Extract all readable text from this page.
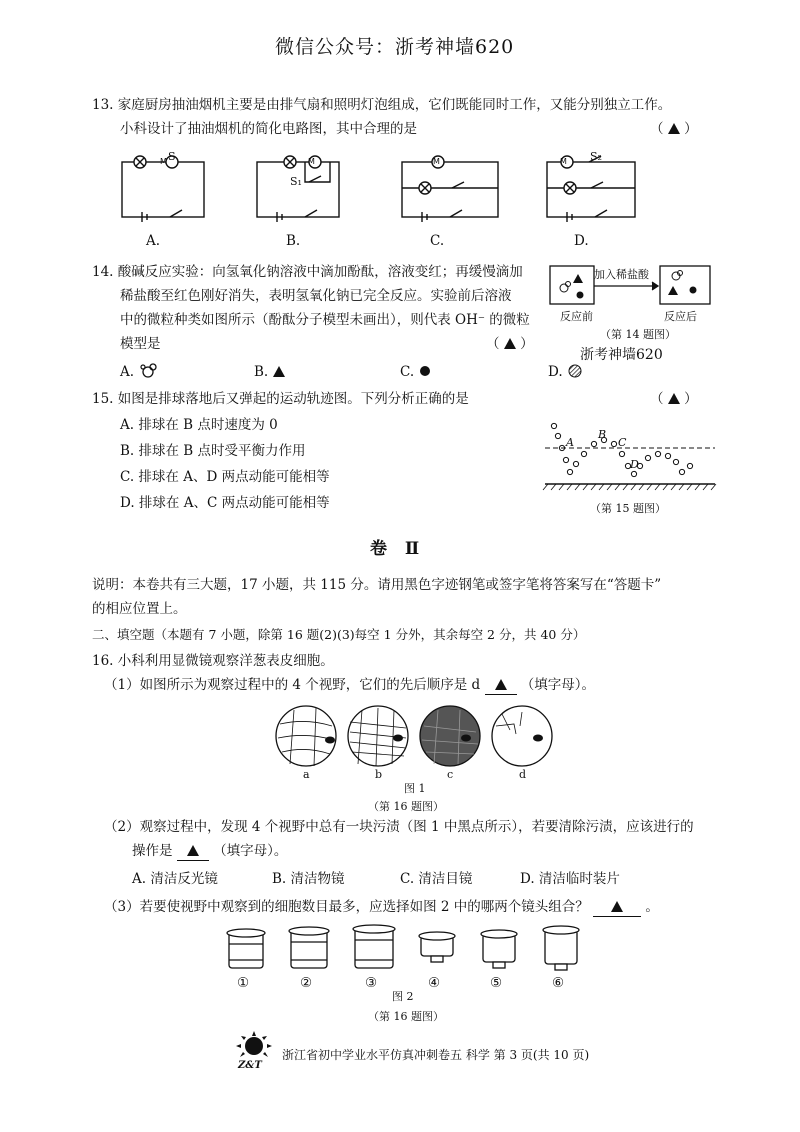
微信公众号：浙考神墙620
13. 家庭厨房抽油烟机主要是由排气扇和照明灯泡组成，它们既能同时工作，又能分别独立工作。
小科设计了抽油烟机的简化电路图，其中合理的是	（ ）
M	M	M	M
S
S₁
S₂
A.	B.	C.	D.
14. 酸碱反应实验：向氢氧化钠溶液中滴加酚酞，溶液变红；再缓慢滴加
稀盐酸至红色刚好消失，表明氢氧化钠已完全反应。实验前后溶液
中的微粒种类如图所示（酚酞分子模型未画出），则代表 OH⁻ 的微粒
模型是	（ ）
加入稀盐酸
反应前	反应后
（第 14 题图）
浙考神墙620
A.	B.	C.	D.
15. 如图是排球落地后又弹起的运动轨迹图。下列分析正确的是	（ ）
A. 排球在 B 点时速度为 0
B. 排球在 B 点时受平衡力作用
C. 排球在 A、D 两点动能可能相等
D. 排球在 A、C 两点动能可能相等
A
B
C
D
（第 15 题图）
卷 Ⅱ
说明：本卷共有三大题，17 小题，共 115 分。请用黑色字迹钢笔或签字笔将答案写在“答题卡”
的相应位置上。
二、填空题（本题有 7 小题，除第 16 题(2)(3)每空 1 分外，其余每空 2 分，共 40 分）
16. 小科利用显微镜观察洋葱表皮细胞。
（1）如图所示为观察过程中的 4 个视野，它们的先后顺序是 d	（填字母）。
a	b	c	d
图 1
（第 16 题图）
（2）观察过程中，发现 4 个视野中总有一块污渍（图 1 中黑点所示），若要清除污渍，应该进行的
操作是	（填字母）。
A. 清洁反光镜	B. 清洁物镜	C. 清洁目镜	D. 清洁临时装片
（3）若要使视野中观察到的细胞数目最多，应选择如图 2 中的哪两个镜头组合？	。
①	②	③	④	⑤	⑥
图 2
（第 16 题图）
Z&T
浙江省初中学业水平仿真冲刺卷五 科学 第 3 页(共 10 页)
